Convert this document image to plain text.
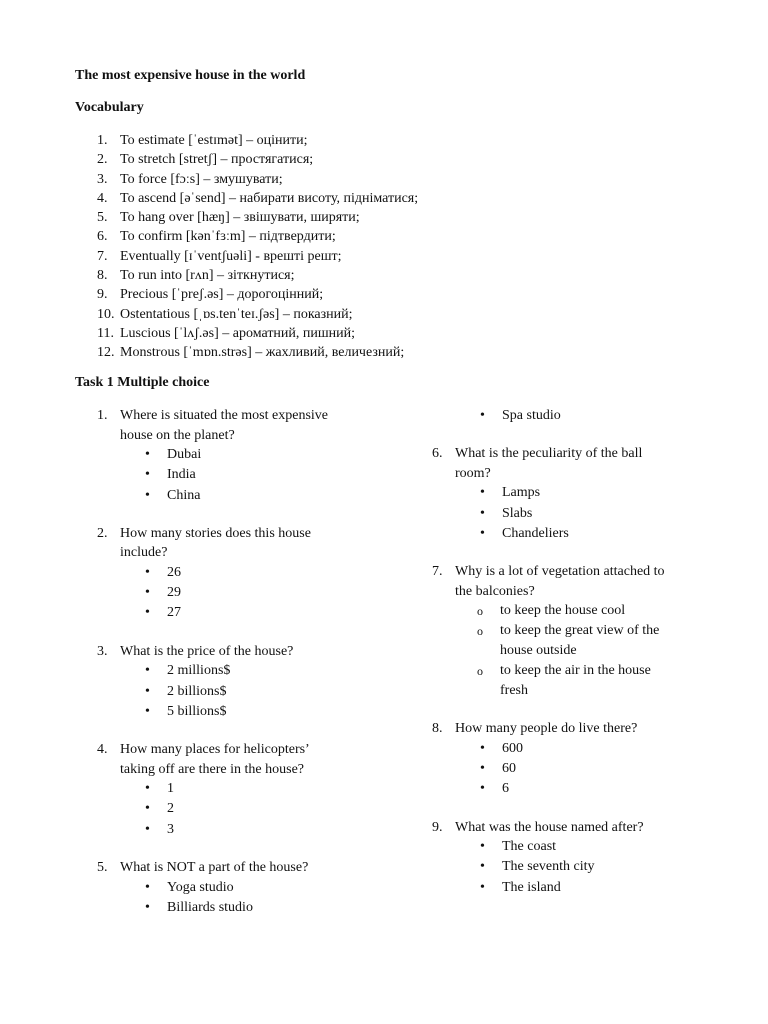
The most expensive house in the world
Vocabulary
1. To estimate [ˈestɪmət] – оцінити;
2. To stretch [stretʃ] – простягатися;
3. To force [fɔːs] – змушувати;
4. To ascend [əˈsend] – набирати висоту, підніматися;
5. To hang over [hæŋ] – звішувати, ширяти;
6. To confirm [kənˈfɜːm] – підтвердити;
7. Eventually [ɪˈventʃuəli] - врешті решт;
8. To run into [rʌn] – зіткнутися;
9. Precious [ˈpreʃ.əs] – дорогоцінний;
10. Ostentatious [ˌɒs.tenˈteɪ.ʃəs] – показний;
11. Luscious [ˈlʌʃ.əs] – ароматний, пишний;
12. Monstrous [ˈmɒn.strəs] – жахливий, величезний;
Task 1 Multiple choice
1. Where is situated the most expensive
house on the planet?
• Dubai
• India
• China
2. How many stories does this house
include?
• 26
• 29
• 27
3. What is the price of the house?
• 2 millions$
• 2 billions$
• 5 billions$
4. How many places for helicopters’
taking off are there in the house?
• 1
• 2
• 3
5. What is NOT a part of the house?
• Yoga studio
• Billiards studio
• Spa studio
6. What is the peculiarity of the ball
room?
• Lamps
• Slabs
• Chandeliers
7. Why is a lot of vegetation attached to
the balconies?
o to keep the house cool
o to keep the great view of the
house outside
o to keep the air in the house
fresh
8. How many people do live there?
• 600
• 60
• 6
9. What was the house named after?
• The coast
• The seventh city
• The island
